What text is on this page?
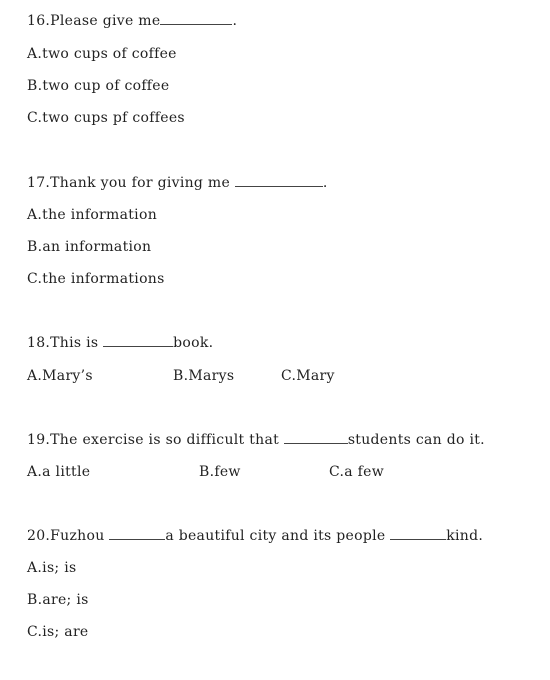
16.Please give me	.
A.two cups of coffee
B.two cup of coffee
C.two cups pf coffees
17.Thank you for giving me	.
A.the information
B.an information
C.the informations
18.This is	book.
A.Mary’s	B.Marys	C.Mary
19.The exercise is so difficult that	students can do it.
A.a little	B.few	C.a few
20.Fuzhou	a beautiful city and its people	kind.
A.is; is
B.are; is
C.is; are
